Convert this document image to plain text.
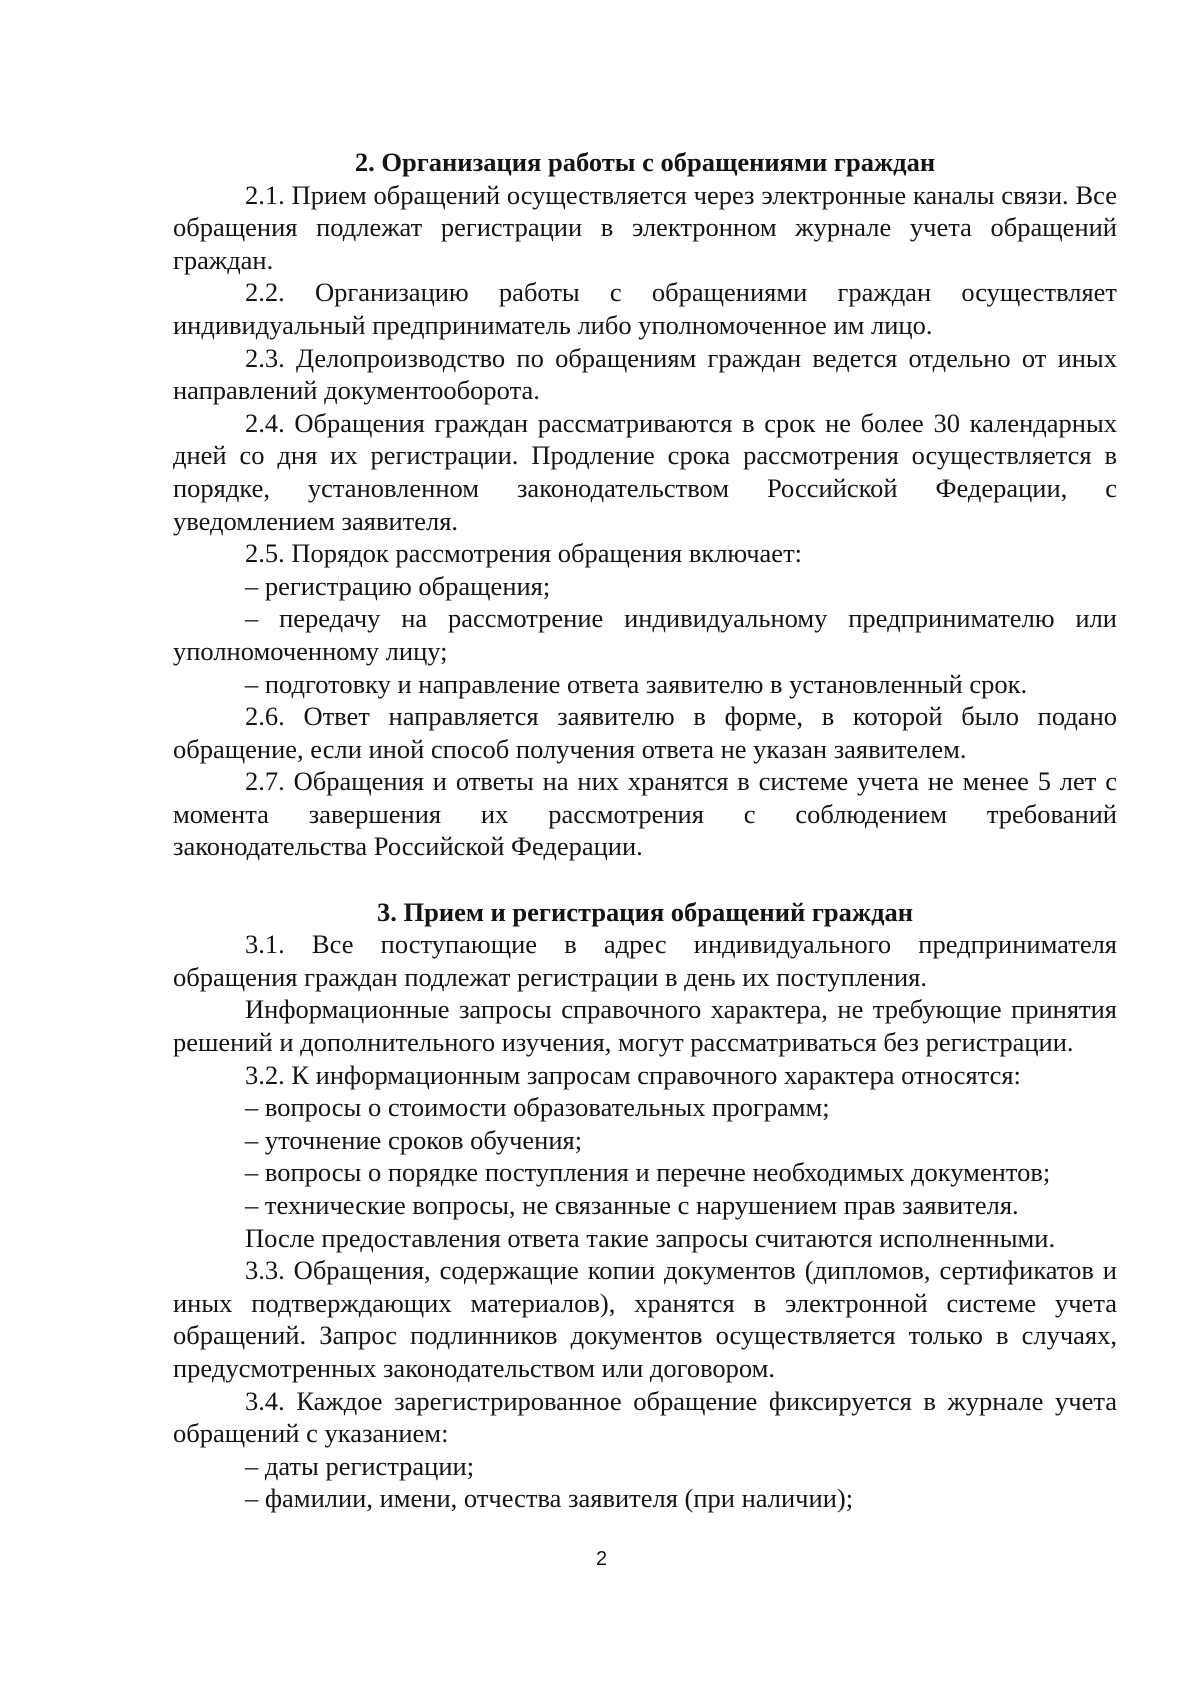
2. Организация работы с обращениями граждан
2.1. Прием обращений осуществляется через электронные каналы связи. Все обращения подлежат регистрации в электронном журнале учета обращений граждан.
2.2. Организацию работы с обращениями граждан осуществляет индивидуальный предприниматель либо уполномоченное им лицо.
2.3. Делопроизводство по обращениям граждан ведется отдельно от иных направлений документооборота.
2.4. Обращения граждан рассматриваются в срок не более 30 календарных дней со дня их регистрации. Продление срока рассмотрения осуществляется в порядке, установленном законодательством Российской Федерации, с уведомлением заявителя.
2.5. Порядок рассмотрения обращения включает:
– регистрацию обращения;
– передачу на рассмотрение индивидуальному предпринимателю или уполномоченному лицу;
– подготовку и направление ответа заявителю в установленный срок.
2.6. Ответ направляется заявителю в форме, в которой было подано обращение, если иной способ получения ответа не указан заявителем.
2.7. Обращения и ответы на них хранятся в системе учета не менее 5 лет с момента завершения их рассмотрения с соблюдением требований законодательства Российской Федерации.
3. Прием и регистрация обращений граждан
3.1. Все поступающие в адрес индивидуального предпринимателя обращения граждан подлежат регистрации в день их поступления.
Информационные запросы справочного характера, не требующие принятия решений и дополнительного изучения, могут рассматриваться без регистрации.
3.2. К информационным запросам справочного характера относятся:
– вопросы о стоимости образовательных программ;
– уточнение сроков обучения;
– вопросы о порядке поступления и перечне необходимых документов;
– технические вопросы, не связанные с нарушением прав заявителя.
После предоставления ответа такие запросы считаются исполненными.
3.3. Обращения, содержащие копии документов (дипломов, сертификатов и иных подтверждающих материалов), хранятся в электронной системе учета обращений. Запрос подлинников документов осуществляется только в случаях, предусмотренных законодательством или договором.
3.4. Каждое зарегистрированное обращение фиксируется в журнале учета обращений с указанием:
– даты регистрации;
– фамилии, имени, отчества заявителя (при наличии);
2
